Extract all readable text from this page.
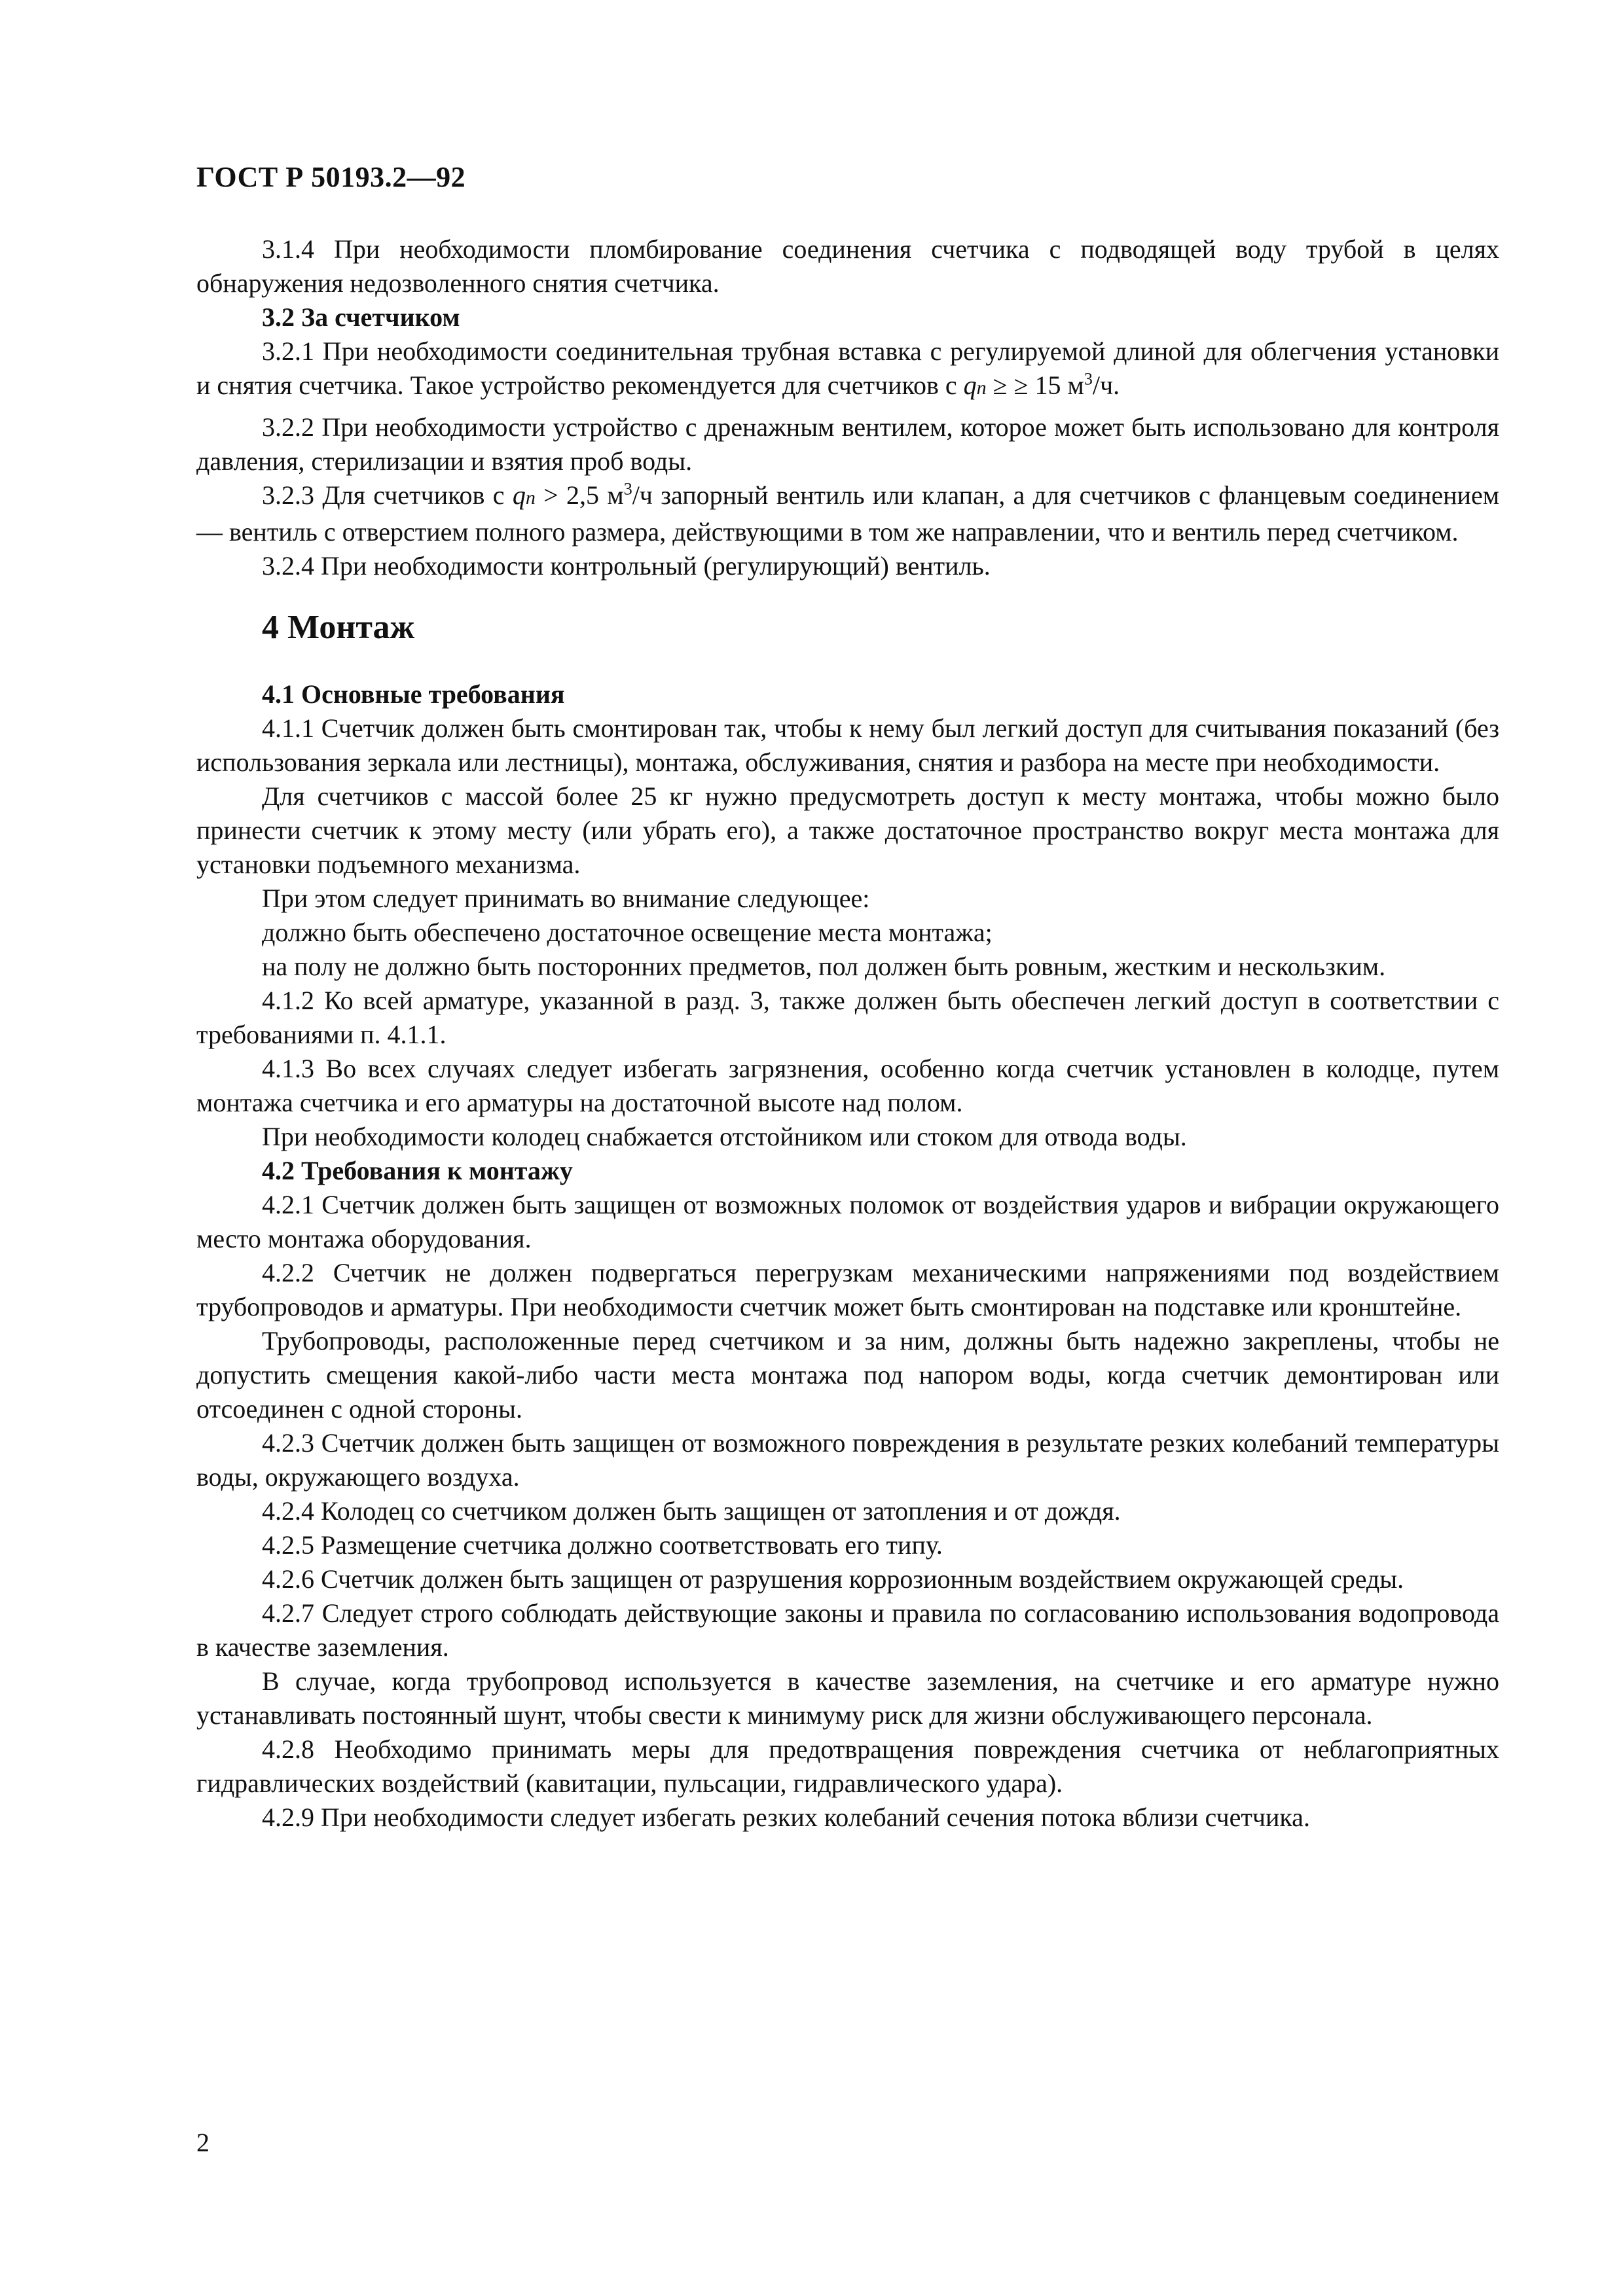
ГОСТ Р 50193.2—92

3.1.4 При необходимости пломбирование соединения счетчика с подводящей воду трубой в целях обнаружения недозволенного снятия счетчика.

3.2 За счетчиком

3.2.1 При необходимости соединительная трубная вставка с регулируемой длиной для облегчения установки и снятия счетчика. Такое устройство рекомендуется для счетчиков с qn ≥ ≥ 15 $м^3/ч$.

3.2.2 При необходимости устройство с дренажным вентилем, которое может быть использовано для контроля давления, стерилизации и взятия проб воды.

3.2.3 Для счетчиков с qn > 2,5 $м^3/ч$ запорный вентиль или клапан, а для счетчиков с фланцевым соединением — вентиль с отверстием полного размера, действующими в том же направлении, что и вентиль перед счетчиком.

3.2.4 При необходимости контрольный (регулирующий) вентиль.

4 Монтаж

4.1 Основные требования

4.1.1 Счетчик должен быть смонтирован так, чтобы к нему был легкий доступ для считывания показаний (без использования зеркала или лестницы), монтажа, обслуживания, снятия и разбора на месте при необходимости.

Для счетчиков с массой более 25 кг нужно предусмотреть доступ к месту монтажа, чтобы можно было принести счетчик к этому месту (или убрать его), а также достаточное пространство вокруг места монтажа для установки подъемного механизма.

При этом следует принимать во внимание следующее:

должно быть обеспечено достаточное освещение места монтажа;

на полу не должно быть посторонних предметов, пол должен быть ровным, жестким и нескользким.

4.1.2 Ко всей арматуре, указанной в разд. 3, также должен быть обеспечен легкий доступ в соответствии с требованиями п. 4.1.1.

4.1.3 Во всех случаях следует избегать загрязнения, особенно когда счетчик установлен в колодце, путем монтажа счетчика и его арматуры на достаточной высоте над полом.

При необходимости колодец снабжается отстойником или стоком для отвода воды.

4.2 Требования к монтажу

4.2.1 Счетчик должен быть защищен от возможных поломок от воздействия ударов и вибрации окружающего место монтажа оборудования.

4.2.2 Счетчик не должен подвергаться перегрузкам механическими напряжениями под воздействием трубопроводов и арматуры. При необходимости счетчик может быть смонтирован на подставке или кронштейне.

Трубопроводы, расположенные перед счетчиком и за ним, должны быть надежно закреплены, чтобы не допустить смещения какой-либо части места монтажа под напором воды, когда счетчик демонтирован или отсоединен с одной стороны.

4.2.3 Счетчик должен быть защищен от возможного повреждения в результате резких колебаний температуры воды, окружающего воздуха.

4.2.4 Колодец со счетчиком должен быть защищен от затопления и от дождя.

4.2.5 Размещение счетчика должно соответствовать его типу.

4.2.6 Счетчик должен быть защищен от разрушения коррозионным воздействием окружающей среды.

4.2.7 Следует строго соблюдать действующие законы и правила по согласованию использования водопровода в качестве заземления.

В случае, когда трубопровод используется в качестве заземления, на счетчике и его арматуре нужно устанавливать постоянный шунт, чтобы свести к минимуму риск для жизни обслуживающего персонала.

4.2.8 Необходимо принимать меры для предотвращения повреждения счетчика от неблагоприятных гидравлических воздействий (кавитации, пульсации, гидравлического удара).

4.2.9 При необходимости следует избегать резких колебаний сечения потока вблизи счетчика.

2
